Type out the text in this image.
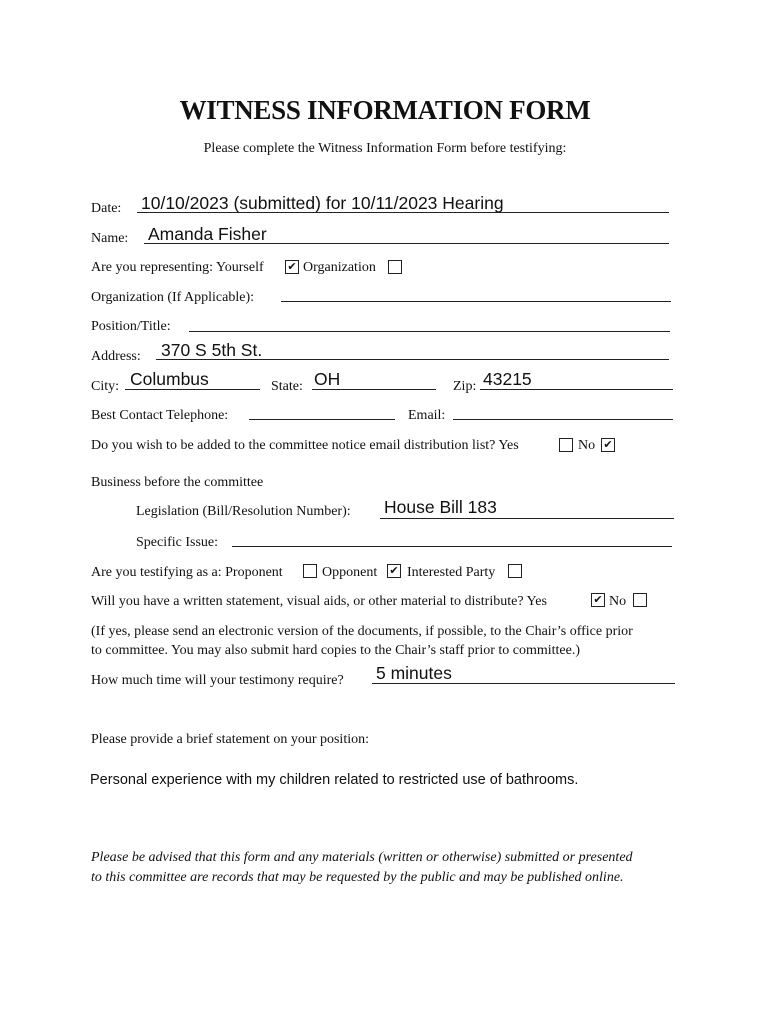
WITNESS INFORMATION FORM
Please complete the Witness Information Form before testifying:
Date: 10/10/2023 (submitted) for 10/11/2023 Hearing
Name: Amanda Fisher
Are you representing: Yourself ✔ Organization
Organization (If Applicable):
Position/Title:
Address: 370 S 5th St.
City: Columbus	State: OH	Zip: 43215
Best Contact Telephone:	Email:
Do you wish to be added to the committee notice email distribution list? Yes	No ✔
Business before the committee
Legislation (Bill/Resolution Number): House Bill 183
Specific Issue:
Are you testifying as a: Proponent	Opponent ✔ Interested Party
Will you have a written statement, visual aids, or other material to distribute? Yes	✔ No
(If yes, please send an electronic version of the documents, if possible, to the Chair’s office prior
to committee. You may also submit hard copies to the Chair’s staff prior to committee.)
How much time will your testimony require? 5 minutes
Please provide a brief statement on your position:
Personal experience with my children related to restricted use of bathrooms.
Please be advised that this form and any materials (written or otherwise) submitted or presented
to this committee are records that may be requested by the public and may be published online.
